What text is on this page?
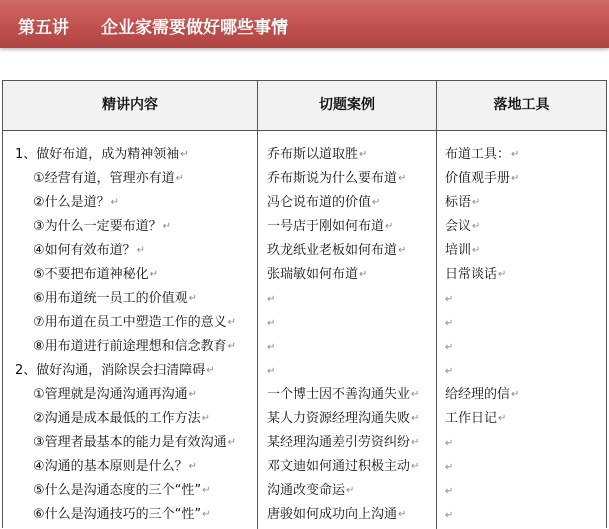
第五讲 企业家需要做好哪些事情
精讲内容	切题案例	落地工具
1、做好布道，成为精神领袖↵	乔布斯以道取胜↵	布道工具：↵
①经营有道，管理亦有道↵	乔布斯说为什么要布道↵	价值观手册↵
②什么是道？↵	冯仑说布道的价值↵	标语↵
③为什么一定要布道？↵	一号店于刚如何布道↵	会议↵
④如何有效布道？↵	玖龙纸业老板如何布道↵	培训↵
⑤不要把布道神秘化↵	张瑞敏如何布道↵	日常谈话↵
⑥用布道统一员工的价值观↵	↵	↵
⑦用布道在员工中塑造工作的意义↵	↵	↵
⑧用布道进行前途理想和信念教育↵	↵	↵
2、做好沟通，消除误会扫清障碍↵	↵	↵
①管理就是沟通沟通再沟通↵	一个博士因不善沟通失业↵ 给经理的信↵
②沟通是成本最低的工作方法↵	某人力资源经理沟通失败↵ 工作日记↵
③管理者最基本的能力是有效沟通↵ 某经理沟通差引劳资纠纷↵	↵
④沟通的基本原则是什么？↵	邓文迪如何通过积极主动↵	↵
⑤什么是沟通态度的三个“性”↵	沟通改变命运↵	↵
⑥什么是沟通技巧的三个“性”↵	唐骏如何成功向上沟通↵	↵
